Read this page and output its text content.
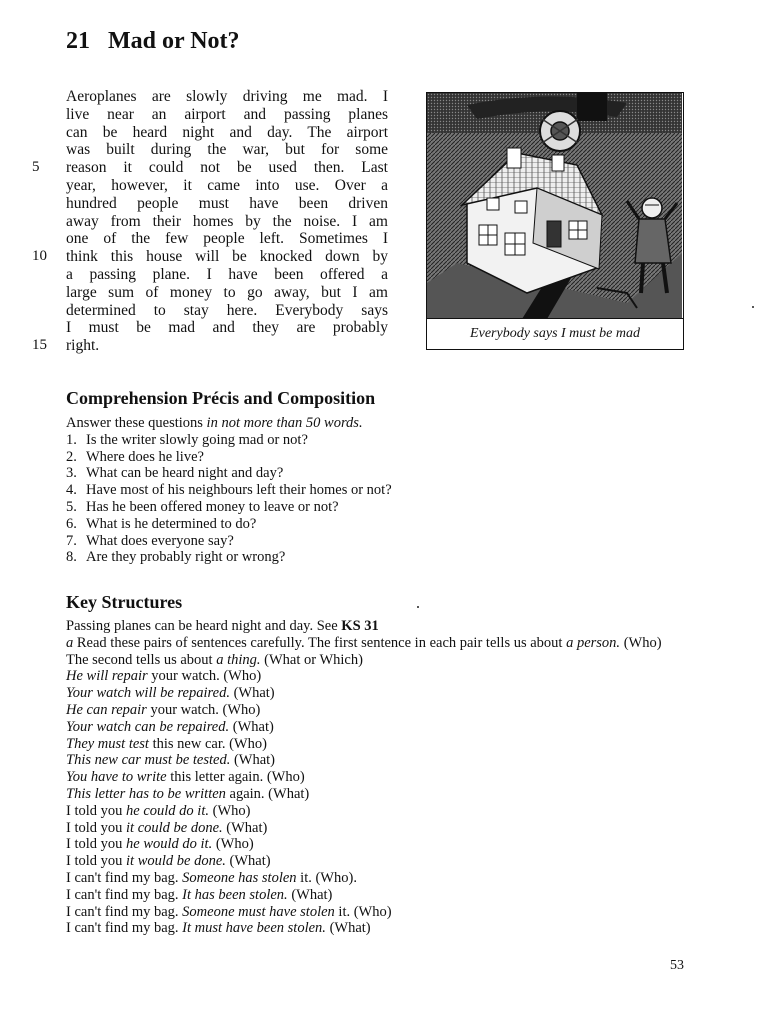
21 Mad or Not?
Aeroplanes are slowly driving me mad. I
live near an airport and passing planes
can be heard night and day. The airport
was built during the war, but for some
5	reason it could not be used then. Last
year, however, it came into use. Over a
hundred people must have been driven
away from their homes by the noise. I am
one of the few people left. Sometimes I
10	think this house will be knocked down by
a passing plane. I have been offered a
large sum of money to go away, but I am
determined to stay here. Everybody says
I must be mad and they are probably
15	right.
Everybody says I must be mad
Comprehension Précis and Composition
Answer these questions in not more than 50 words.
1. Is the writer slowly going mad or not?
2. Where does he live?
3. What can be heard night and day?
4. Have most of his neighbours left their homes or not?
5. Has he been offered money to leave or not?
6. What is he determined to do?
7. What does everyone say?
8. Are they probably right or wrong?
Key Structures
Passing planes can be heard night and day. See KS 31
a Read these pairs of sentences carefully. The first sentence in each pair tells us about a person. (Who) The second tells us about a thing. (What or Which)
He will repair your watch. (Who)
Your watch will be repaired. (What)
He can repair your watch. (Who)
Your watch can be repaired. (What)
They must test this new car. (Who)
This new car must be tested. (What)
You have to write this letter again. (Who)
This letter has to be written again. (What)
I told you he could do it. (Who)
I told you it could be done. (What)
I told you he would do it. (Who)
I told you it would be done. (What)
I can't find my bag. Someone has stolen it. (Who).
I can't find my bag. It has been stolen. (What)
I can't find my bag. Someone must have stolen it. (Who)
I can't find my bag. It must have been stolen. (What)
53
